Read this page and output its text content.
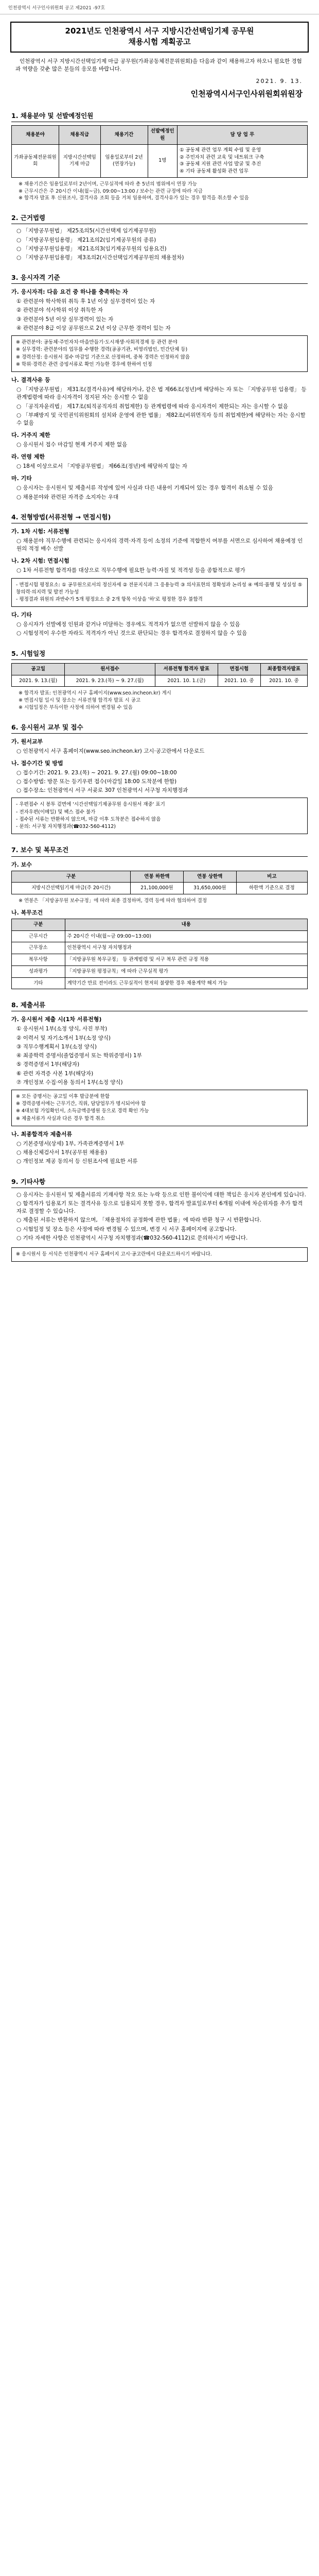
인천광역시 서구인사위원회 공고 제2021 -97호
2021년도 인천광역시 서구 지방시간선택임기제 공무원
채용시험 계획공고
인천광역시 서구 지방시간선택임기제 마급 공무원(가좌공동체전문위원회)을 다음과 같이 채용하고자 하오니 필요한 경험과 역량을 갖춘 많은 분들의 응모를 바랍니다.
2021. 9. 13.
인천광역시서구인사위원회위원장
1. 채용분야 및 선발예정인원
채용분야	채용직급	채용기간	선발예정인원	담 당 업 무
가좌공동체전문위원회	지방시간선택임기제 마급	임용일로부터 2년(연장가능)	1명	① 공동체 관련 업무 계획 수립 및 운영
② 주민자치 관련 교육 및 네트워크 구축
③ 공동체 지원 관련 사업 발굴 및 추진
④ 기타 공동체 활성화 관련 업무
※ 채용기간은 임용일로부터 2년이며, 근무실적에 따라 총 5년의 범위에서 연장 가능
※ 근무시간은 주 20시간 이내(월~금), 09:00~13:00 / 보수는 관련 규정에 따라 지급
※ 합격자 발표 후 신원조사, 결격사유 조회 등을 거쳐 임용하며, 결격사유가 있는 경우 합격을 취소할 수 있음
2. 근거법령
○ 「지방공무원법」 제25조의5(시간선택제 임기제공무원)
○ 「지방공무원임용령」 제21조의2(임기제공무원의 종류)
○ 「지방공무원임용령」 제21조의3(임기제공무원의 임용요건)
○ 「지방공무원임용령」 제3조의2(시간선택임기제공무원의 채용절차)
3. 응시자격 기준
가. 응시자격: 다음 요건 중 하나를 충족하는 자
① 관련분야 학사학위 취득 후 1년 이상 실무경력이 있는 자
② 관련분야 석사학위 이상 취득한 자
③ 관련분야 5년 이상 실무경력이 있는 자
④ 관련분야 8급 이상 공무원으로 2년 이상 근무한 경력이 있는 자
※ 관련분야: 공동체·주민자치·마을만들기·도시재생·사회적경제 등 관련 분야
※ 실무경력: 관련분야의 업무를 수행한 경력(공공기관, 비영리법인, 민간단체 등)
※ 경력산정: 응시원서 접수 마감일 기준으로 산정하며, 중복 경력은 인정하지 않음
※ 학위·경력은 관련 증빙서류로 확인 가능한 경우에 한하여 인정
나. 결격사유 등
○ 「지방공무원법」 제31조(결격사유)에 해당하거나, 같은 법 제66조(정년)에 해당하는 자 또는 「지방공무원 임용령」 등 관계법령에 따라 응시자격이 정지된 자는 응시할 수 없음
○ 「공직자윤리법」 제17조(퇴직공직자의 취업제한) 등 관계법령에 따라 응시자격이 제한되는 자는 응시할 수 없음
○ 「부패방지 및 국민권익위원회의 설치와 운영에 관한 법률」 제82조(비위면직자 등의 취업제한)에 해당하는 자는 응시할 수 없음
다. 거주지 제한
○ 응시원서 접수 마감일 현재 거주지 제한 없음
라. 연령 제한
○ 18세 이상으로서 「지방공무원법」 제66조(정년)에 해당하지 않는 자
마. 기타
○ 응시자는 응시원서 및 제출서류 작성에 있어 사실과 다른 내용이 기재되어 있는 경우 합격이 취소될 수 있음
○ 채용분야와 관련된 자격증 소지자는 우대
4. 전형방법(서류전형 → 면접시험)
가. 1차 시험: 서류전형
○ 채용분야 직무수행에 관련되는 응시자의 경력·자격 등이 소정의 기준에 적합한지 여부를 서면으로 심사하여 채용예정 인원의 적정 배수 선발
나. 2차 시험: 면접시험
○ 1차 서류전형 합격자를 대상으로 직무수행에 필요한 능력·자질 및 적격성 등을 종합적으로 평가
- 면접시험 평정요소: ① 공무원으로서의 정신자세 ② 전문지식과 그 응용능력 ③ 의사표현의 정확성과 논리성 ④ 예의·품행 및 성실성 ⑤ 창의력·의지력 및 발전 가능성
- 평정결과 위원의 과반수가 5개 평정요소 중 2개 항목 이상을 '하'로 평정한 경우 불합격
다. 기타
○ 응시자가 선발예정 인원과 같거나 미달하는 경우에도 적격자가 없으면 선발하지 않을 수 있음
○ 시험성적이 우수한 자라도 적격자가 아닌 것으로 판단되는 경우 합격자로 결정하지 않을 수 있음
5. 시험일정
공고일	원서접수	서류전형 합격자 발표	면접시험	최종합격자발표
2021. 9. 13.(월)	2021. 9. 23.(목) ~ 9. 27.(월)	2021. 10. 1.(금)	2021. 10. 중	2021. 10. 중
※ 합격자 발표: 인천광역시 서구 홈페이지(www.seo.incheon.kr) 게시
※ 면접시험 일시 및 장소는 서류전형 합격자 발표 시 공고
※ 시험일정은 부득이한 사정에 의하여 변경될 수 있음
6. 응시원서 교부 및 접수
가. 원서교부
○ 인천광역시 서구 홈페이지(www.seo.incheon.kr) 고시·공고란에서 다운로드
나. 접수기간 및 방법
○ 접수기간: 2021. 9. 23.(목) ~ 2021. 9. 27.(월) 09:00~18:00
○ 접수방법: 방문 또는 등기우편 접수(마감일 18:00 도착분에 한함)
○ 접수장소: 인천광역시 서구 서곶로 307 인천광역시 서구청 자치행정과
- 우편접수 시 봉투 겉면에 '시간선택임기제공무원 응시원서 재중' 표기
- 전자우편(이메일) 및 팩스 접수 불가
- 접수된 서류는 반환하지 않으며, 마감 이후 도착분은 접수하지 않음
- 문의: 서구청 자치행정과(☎032-560-4112)
7. 보수 및 복무조건
가. 보수
구분	연봉 하한액	연봉 상한액	비고
지방시간선택임기제 마급(주 20시간)	21,100,000원	31,650,000원	하한액 기준으로 결정
※ 연봉은 「지방공무원 보수규정」에 따라 최종 결정하며, 경력 등에 따라 협의하여 결정
나. 복무조건
구분	내용
근무시간	주 20시간 이내(월~금 09:00~13:00)
근무장소	인천광역시 서구청 자치행정과
복무사항	「지방공무원 복무규정」 등 관계법령 및 서구 복무 관련 규정 적용
성과평가	「지방공무원 평정규칙」에 따라 근무실적 평가
기타	계약기간 만료 전이라도 근무실적이 현저히 불량한 경우 채용계약 해지 가능
8. 제출서류
가. 응시원서 제출 시(1차 서류전형)
① 응시원서 1부(소정 양식, 사진 부착)
② 이력서 및 자기소개서 1부(소정 양식)
③ 직무수행계획서 1부(소정 양식)
④ 최종학력 증명서(졸업증명서 또는 학위증명서) 1부
⑤ 경력증명서 1부(해당자)
⑥ 관련 자격증 사본 1부(해당자)
⑦ 개인정보 수집·이용 동의서 1부(소정 양식)
※ 모든 증명서는 공고일 이후 발급분에 한함
※ 경력증명서에는 근무기간, 직위, 담당업무가 명시되어야 함
※ 4대보험 가입확인서, 소득금액증명원 등으로 경력 확인 가능
※ 제출서류가 사실과 다른 경우 합격 취소
나. 최종합격자 제출서류
○ 기본증명서(상세) 1부, 가족관계증명서 1부
○ 채용신체검사서 1부(공무원 채용용)
○ 개인정보 제공 동의서 등 신원조사에 필요한 서류
9. 기타사항
○ 응시자는 응시원서 및 제출서류의 기재사항 착오 또는 누락 등으로 인한 불이익에 대한 책임은 응시자 본인에게 있습니다.
○ 합격자가 임용포기 또는 결격사유 등으로 임용되지 못할 경우, 합격자 발표일로부터 6개월 이내에 차순위자를 추가 합격자로 결정할 수 있습니다.
○ 제출된 서류는 반환하지 않으며, 「채용절차의 공정화에 관한 법률」에 따라 반환 청구 시 반환합니다.
○ 시험일정 및 장소 등은 사정에 따라 변경될 수 있으며, 변경 시 서구 홈페이지에 공고합니다.
○ 기타 자세한 사항은 인천광역시 서구청 자치행정과(☎032-560-4112)로 문의하시기 바랍니다.
※ 응시원서 등 서식은 인천광역시 서구 홈페이지 고시·공고란에서 다운로드하시기 바랍니다.
